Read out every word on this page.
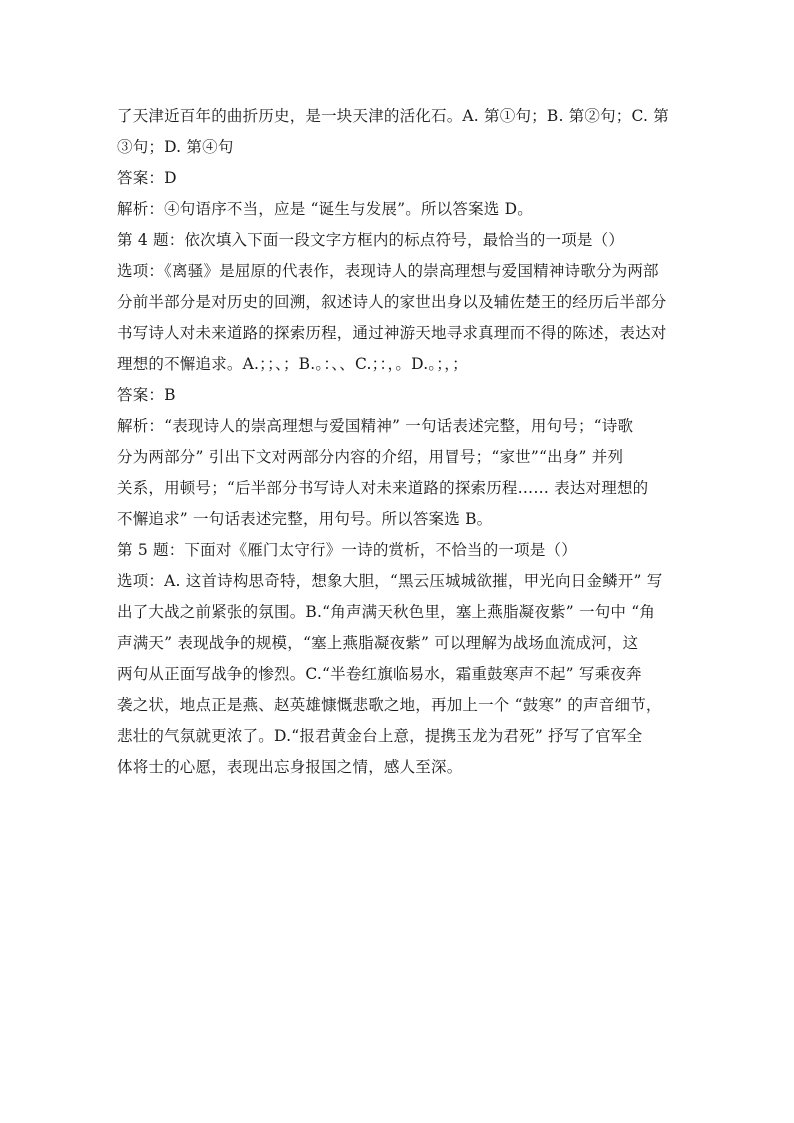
了天津近百年的曲折历史，是一块天津的活化石。A. 第①句；B. 第②句；C. 第
③句；D. 第④句
答案：D
解析：④句语序不当，应是 “诞生与发展”。所以答案选 D。
第 4 题：依次填入下面一段文字方框内的标点符号，最恰当的一项是（）
选项：《离骚》是屈原的代表作，表现诗人的崇高理想与爱国精神诗歌分为两部
分前半部分是对历史的回溯，叙述诗人的家世出身以及辅佐楚王的经历后半部分
书写诗人对未来道路的探索历程，通过神游天地寻求真理而不得的陈述，表达对
理想的不懈追求。A.；；、；B.。：、、C.；：，。D.。；，；
答案：B
解析：“表现诗人的崇高理想与爱国精神” 一句话表述完整，用句号；“诗歌
分为两部分” 引出下文对两部分内容的介绍，用冒号；“家世”“出身” 并列
关系，用顿号；“后半部分书写诗人对未来道路的探索历程…… 表达对理想的
不懈追求” 一句话表述完整，用句号。所以答案选 B。
第 5 题：下面对《雁门太守行》一诗的赏析，不恰当的一项是（）
选项：A. 这首诗构思奇特，想象大胆，“黑云压城城欲摧，甲光向日金鳞开” 写
出了大战之前紧张的氛围。B.“角声满天秋色里，塞上燕脂凝夜紫” 一句中 “角
声满天” 表现战争的规模，“塞上燕脂凝夜紫” 可以理解为战场血流成河，这
两句从正面写战争的惨烈。C.“半卷红旗临易水，霜重鼓寒声不起” 写乘夜奔
袭之状，地点正是燕、赵英雄慷慨悲歌之地，再加上一个 “鼓寒” 的声音细节，
悲壮的气氛就更浓了。D.“报君黄金台上意，提携玉龙为君死” 抒写了官军全
体将士的心愿，表现出忘身报国之情，感人至深。
